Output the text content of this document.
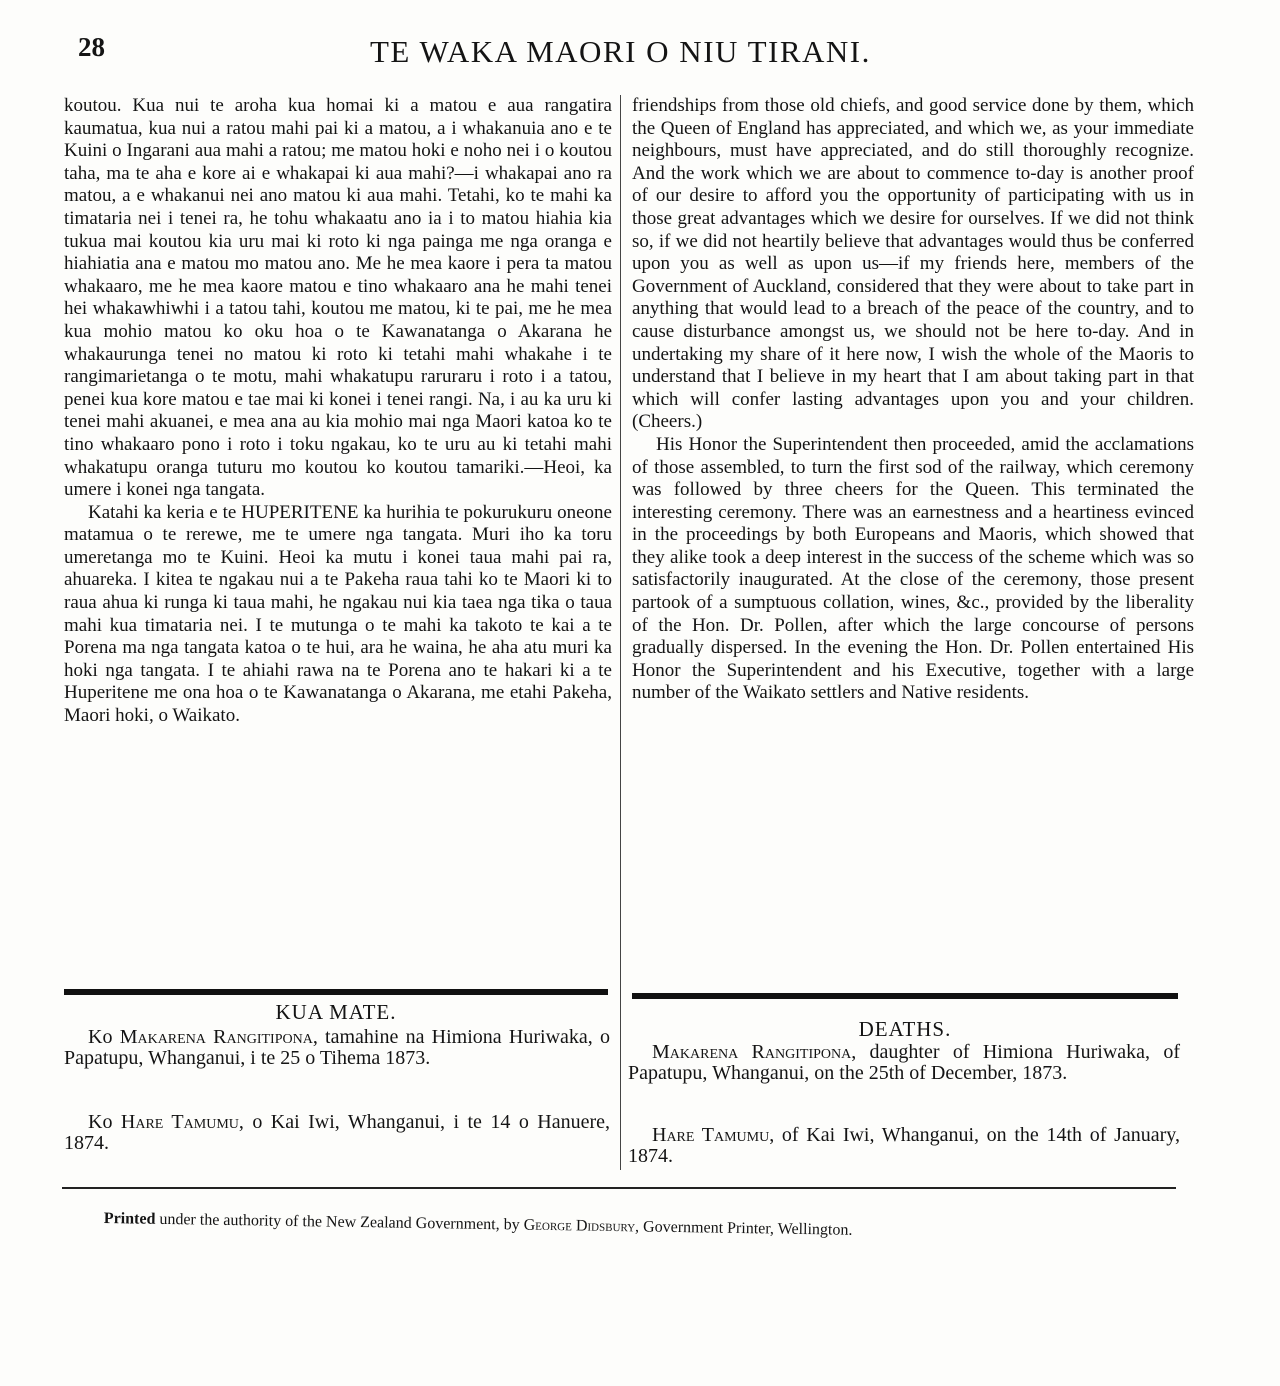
28	TE WAKA MAORI O NIU TIRANI.

koutou. Kua nui te aroha kua homai ki a matou e aua rangatira kaumatua, kua nui a ratou mahi pai ki a matou, a i whakanuia ano e te Kuini o Ingarani aua mahi a ratou; me matou hoki e noho nei i o koutou taha, ma te aha e kore ai e whakapai ki aua mahi?—i whakapai ano ra matou, a e whakanui nei ano matou ki aua mahi. Tetahi, ko te mahi ka timataria nei i tenei ra, he tohu whakaatu ano ia i to matou hiahia kia tukua mai koutou kia uru mai ki roto ki nga painga me nga oranga e hiahiatia ana e matou mo matou ano. Me he mea kaore i pera ta matou whakaaro, me he mea kaore matou e tino whakaaro ana he mahi tenei hei whakawhiwhi i a tatou tahi, koutou me matou, ki te pai, me he mea kua mohio matou ko oku hoa o te Kawanatanga o Akarana he whakaurunga tenei no matou ki roto ki tetahi mahi whakahe i te rangimarietanga o te motu, mahi whakatupu raruraru i roto i a tatou, penei kua kore matou e tae mai ki konei i tenei rangi. Na, i au ka uru ki tenei mahi akuanei, e mea ana au kia mohio mai nga Maori katoa ko te tino whakaaro pono i roto i toku ngakau, ko te uru au ki tetahi mahi whakatupu oranga tuturu mo koutou ko koutou tamariki.—Heoi, ka umere i konei nga tangata.

Katahi ka keria e te HUPERITENE ka hurihia te pokurukuru oneone matamua o te rerewe, me te umere nga tangata. Muri iho ka toru umeretanga mo te Kuini. Heoi ka mutu i konei taua mahi pai ra, ahuareka. I kitea te ngakau nui a te Pakeha raua tahi ko te Maori ki to raua ahua ki runga ki taua mahi, he ngakau nui kia taea nga tika o taua mahi kua timataria nei. I te mutunga o te mahi ka takoto te kai a te Porena ma nga tangata katoa o te hui, ara he waina, he aha atu muri ka hoki nga tangata. I te ahiahi rawa na te Porena ano te hakari ki a te Huperitene me ona hoa o te Kawanatanga o Akarana, me etahi Pakeha, Maori hoki, o Waikato.

friendships from those old chiefs, and good service done by them, which the Queen of England has appreciated, and which we, as your immediate neighbours, must have appreciated, and do still thoroughly recognize. And the work which we are about to commence to-day is another proof of our desire to afford you the opportunity of participating with us in those great advantages which we desire for ourselves. If we did not think so, if we did not heartily believe that advantages would thus be conferred upon you as well as upon us—if my friends here, members of the Government of Auckland, considered that they were about to take part in anything that would lead to a breach of the peace of the country, and to cause disturbance amongst us, we should not be here to-day. And in undertaking my share of it here now, I wish the whole of the Maoris to understand that I believe in my heart that I am about taking part in that which will confer lasting advantages upon you and your children. (Cheers.)

His Honor the Superintendent then proceeded, amid the acclamations of those assembled, to turn the first sod of the railway, which ceremony was followed by three cheers for the Queen. This terminated the interesting ceremony. There was an earnestness and a heartiness evinced in the proceedings by both Europeans and Maoris, which showed that they alike took a deep interest in the success of the scheme which was so satisfactorily inaugurated. At the close of the ceremony, those present partook of a sumptuous collation, wines, &c., provided by the liberality of the Hon. Dr. Pollen, after which the large concourse of persons gradually dispersed. In the evening the Hon. Dr. Pollen entertained His Honor the Superintendent and his Executive, together with a large number of the Waikato settlers and Native residents.

KUA MATE.
Ko Makarena Rangitipona, tamahine na Himiona Huriwaka, o Papatupu, Whanganui, i te 25 o Tihema 1873.
Ko Hare Tamumu, o Kai Iwi, Whanganui, i te 14 o Hanuere, 1874.
DEATHS.
Makarena Rangitipona, daughter of Himiona Huriwaka, of Papatupu, Whanganui, on the 25th of December, 1873.
Hare Tamumu, of Kai Iwi, Whanganui, on the 14th of January, 1874.
Printed under the authority of the New Zealand Government, by George Didsbury, Government Printer, Wellington.
